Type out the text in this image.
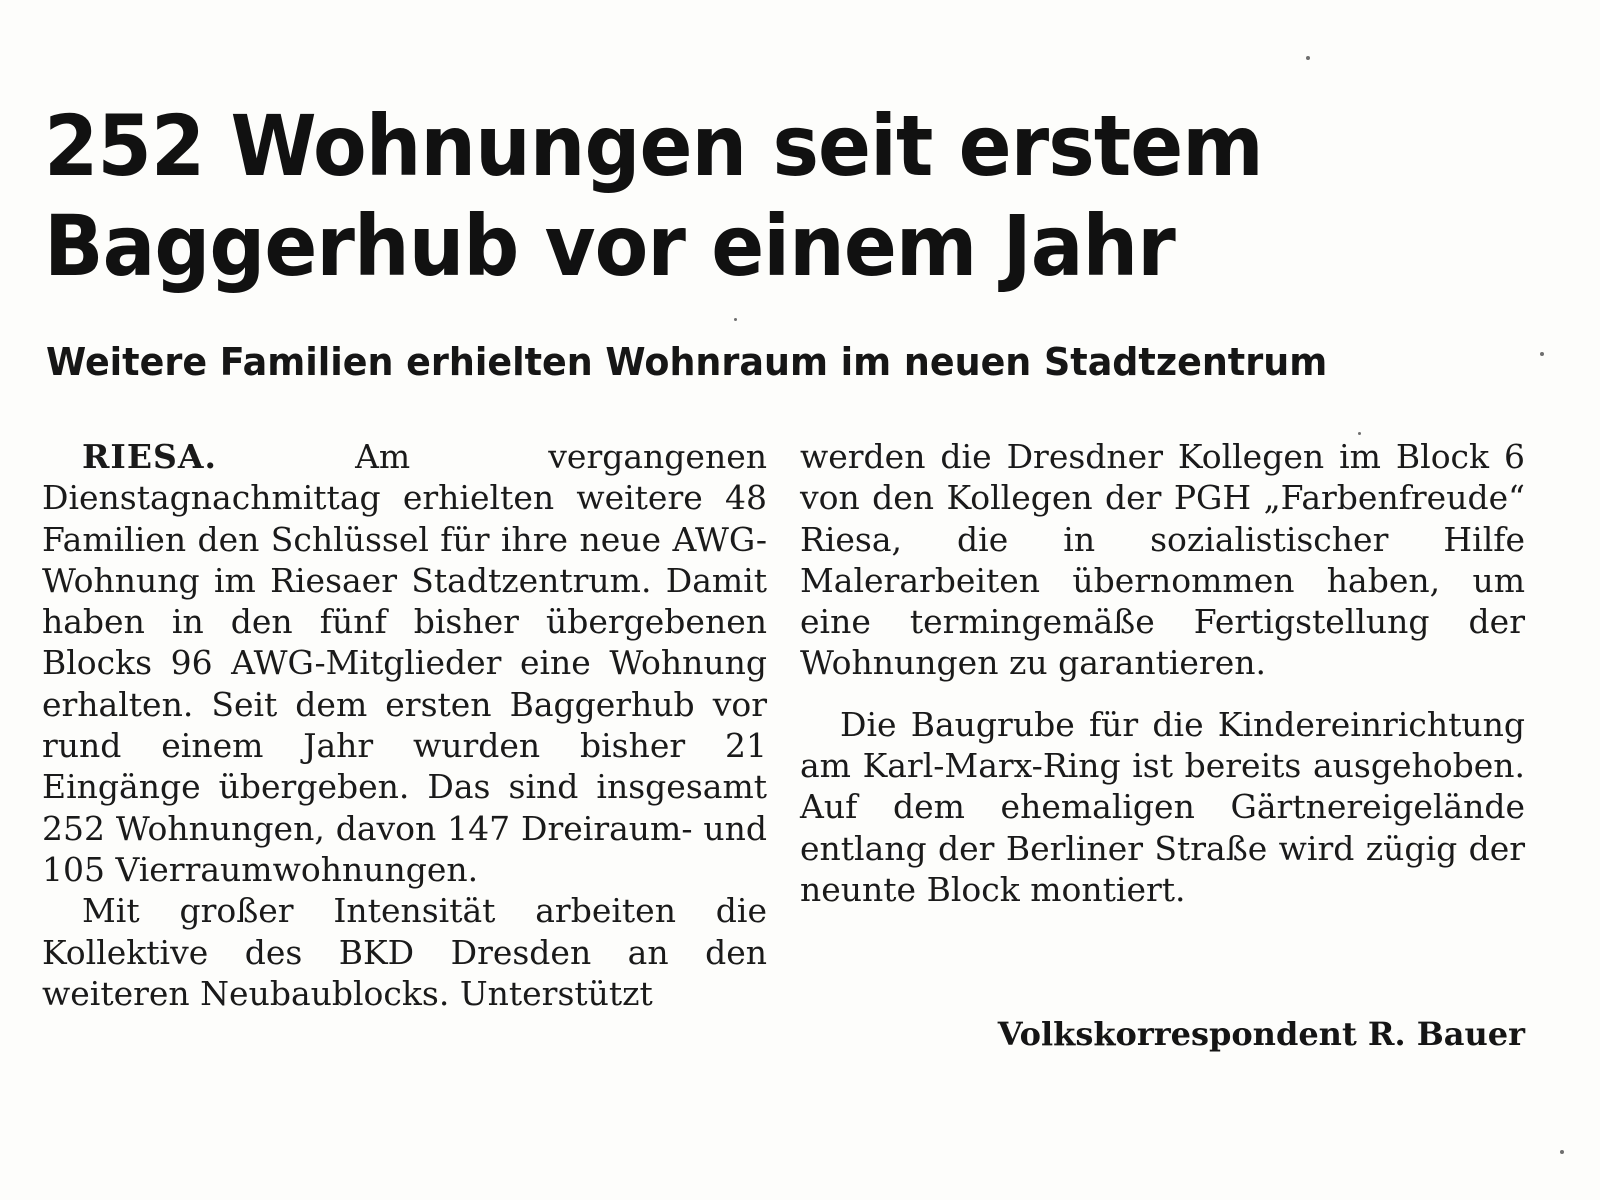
252 Wohnungen seit erstem
Baggerhub vor einem Jahr
Weitere Familien erhielten Wohnraum im neuen Stadtzentrum

RIESA.	Am vergangenen Dienstagnachmittag erhielten weitere 48 Familien den Schlüssel für ihre neue AWG-Wohnung im Riesaer Stadtzentrum. Damit haben in den fünf bisher übergebenen Blocks 96 AWG-Mitglieder eine Wohnung erhalten. Seit dem ersten Baggerhub vor rund einem Jahr wurden bisher 21 Eingänge übergeben. Das sind insgesamt 252 Wohnungen, davon 147 Dreiraum- und 105 Vierraumwohnungen.

Mit großer Intensität arbeiten die Kollektive des BKD Dresden an den weiteren Neubaublocks. Unterstützt

werden die Dresdner Kollegen im Block 6 von den Kollegen der PGH „Farbenfreude“ Riesa, die in sozialistischer Hilfe Malerarbeiten übernommen haben, um eine termingemäße Fertigstellung der Wohnungen zu garantieren.

Die Baugrube für die Kindereinrichtung am Karl-Marx-Ring ist bereits ausgehoben. Auf dem ehemaligen Gärtnereigelände entlang der Berliner Straße wird zügig der neunte Block montiert.

Volkskorrespondent R. Bauer
